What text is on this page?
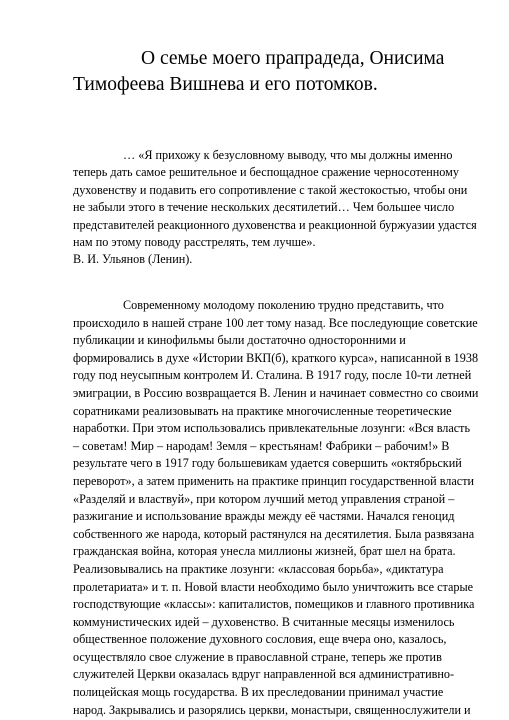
О семье моего прапрадеда, Онисима
Тимофеева Вишнева и его потомков.
… «Я прихожу к безусловному выводу, что мы должны именно
теперь дать самое решительное и беспощадное сражение черносотенному
духовенству и подавить его сопротивление с такой жестокостью, чтобы они
не забыли этого в течение нескольких десятилетий… Чем большее число
представителей реакционного духовенства и реакционной буржуазии удастся
нам по этому поводу расстрелять, тем лучше».
В. И. Ульянов (Ленин).
Современному молодому поколению трудно представить, что
происходило в нашей стране 100 лет тому назад. Все последующие советские
публикации и кинофильмы были достаточно односторонними и
формировались в духе «Истории ВКП(б), краткого курса», написанной в 1938
году под неусыпным контролем И. Сталина. В 1917 году, после 10-ти летней
эмиграции, в Россию возвращается В. Ленин и начинает совместно со своими
соратниками реализовывать на практике многочисленные теоретические
наработки. При этом использовались привлекательные лозунги: «Вся власть
– советам! Мир – народам! Земля – крестьянам! Фабрики – рабочим!» В
результате чего в 1917 году большевикам удается совершить «октябрьский
переворот», а затем применить на практике принцип государственной власти
«Разделяй и властвуй», при котором лучший метод управления страной –
разжигание и использование вражды между её частями. Начался геноцид
собственного же народа, который растянулся на десятилетия. Была развязана
гражданская война, которая унесла миллионы жизней, брат шел на брата.
Реализовывались на практике лозунги: «классовая борьба», «диктатура
пролетариата» и т. п. Новой власти необходимо было уничтожить все старые
господствующие «классы»: капиталистов, помещиков и главного противника
коммунистических идей – духовенство. В считанные месяцы изменилось
общественное положение духовного сословия, еще вчера оно, казалось,
осуществляло свое служение в православной стране, теперь же против
служителей Церкви оказалась вдруг направленной вся административно-
полицейская мощь государства. В их преследовании принимал участие
народ. Закрывались и разорялись церкви, монастыри, священнослужители и
